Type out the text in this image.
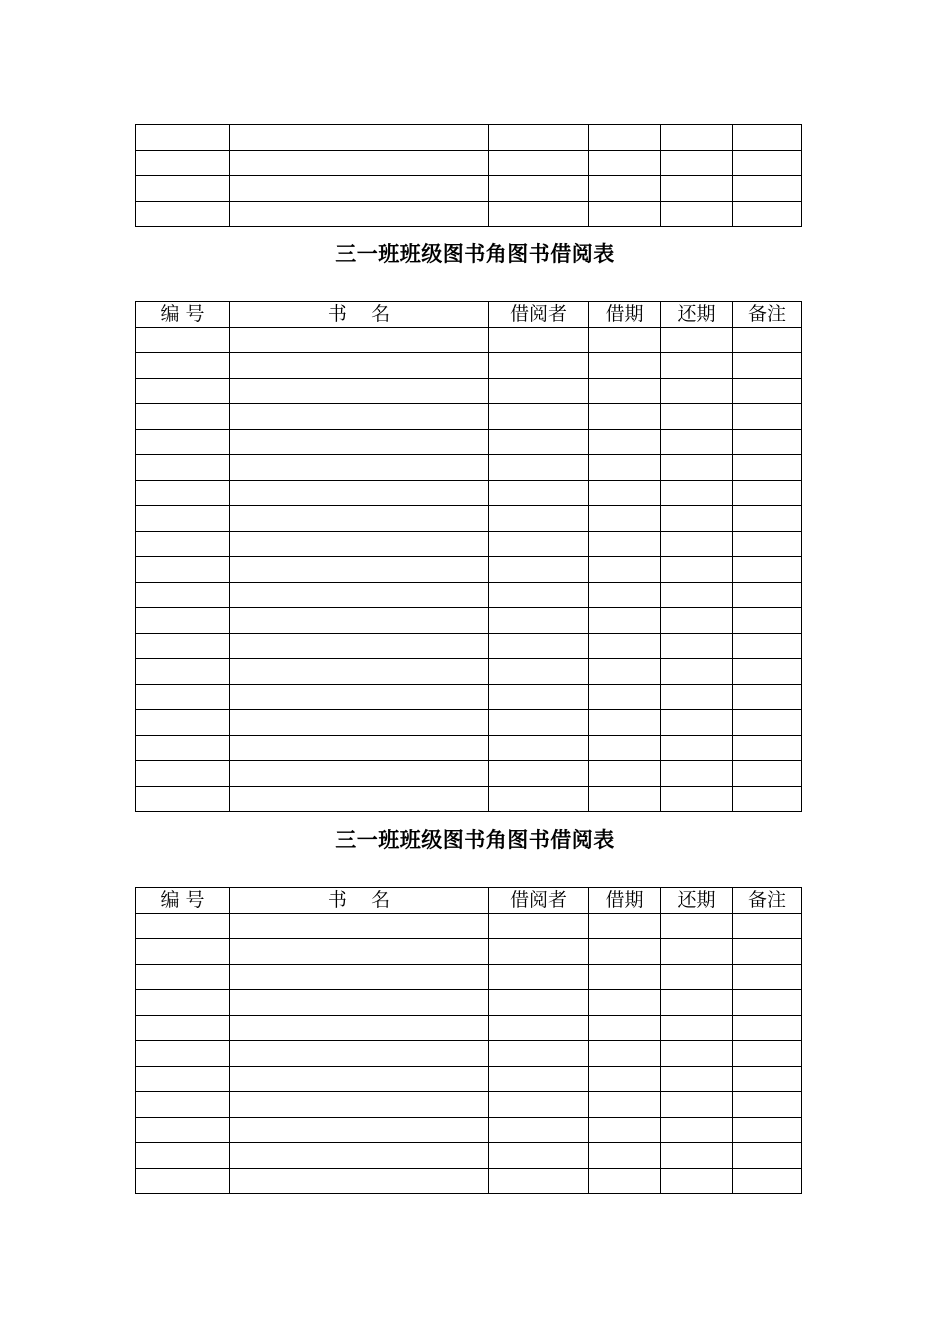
三一班班级图书角图书借阅表
编 号	书    名	借阅者	借期	还期	备注

三一班班级图书角图书借阅表
编 号	书    名	借阅者	借期	还期	备注
